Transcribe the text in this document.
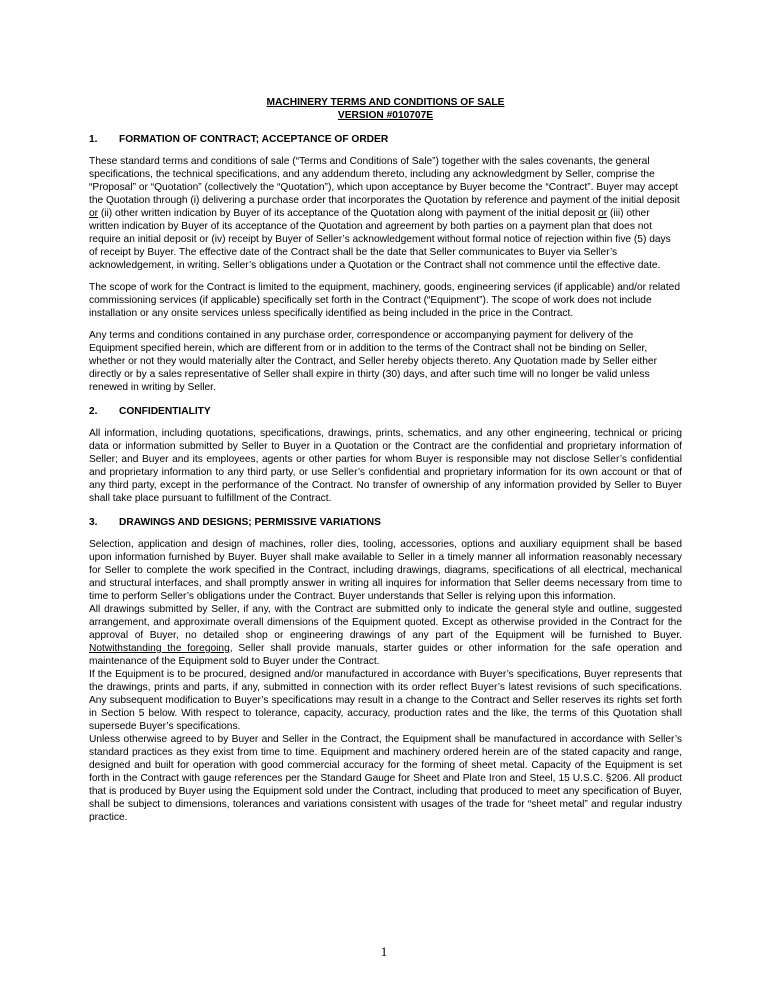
MACHINERY TERMS AND CONDITIONS OF SALE
VERSION #010707E
1.	FORMATION OF CONTRACT; ACCEPTANCE OF ORDER

These standard terms and conditions of sale (“Terms and Conditions of Sale”) together with the sales covenants, the general specifications, the technical specifications, and any addendum thereto, including any acknowledgment by Seller, comprise the “Proposal” or “Quotation” (collectively the “Quotation”), which upon acceptance by Buyer become the “Contract”. Buyer may accept the Quotation through (i) delivering a purchase order that incorporates the Quotation by reference and payment of the initial deposit or (ii) other written indication by Buyer of its acceptance of the Quotation along with payment of the initial deposit or (iii) other written indication by Buyer of its acceptance of the Quotation and agreement by both parties on a payment plan that does not require an initial deposit or (iv) receipt by Buyer of Seller’s acknowledgement without formal notice of rejection within five (5) days of receipt by Buyer. The effective date of the Contract shall be the date that Seller communicates to Buyer via Seller’s acknowledgement, in writing. Seller’s obligations under a Quotation or the Contract shall not commence until the effective date.

The scope of work for the Contract is limited to the equipment, machinery, goods, engineering services (if applicable) and/or related commissioning services (if applicable) specifically set forth in the Contract (“Equipment”). The scope of work does not include installation or any onsite services unless specifically identified as being included in the price in the Contract.

Any terms and conditions contained in any purchase order, correspondence or accompanying payment for delivery of the Equipment specified herein, which are different from or in addition to the terms of the Contract shall not be binding on Seller, whether or not they would materially alter the Contract, and Seller hereby objects thereto. Any Quotation made by Seller either directly or by a sales representative of Seller shall expire in thirty (30) days, and after such time will no longer be valid unless renewed in writing by Seller.

2.	CONFIDENTIALITY

All information, including quotations, specifications, drawings, prints, schematics, and any other engineering, technical or pricing data or information submitted by Seller to Buyer in a Quotation or the Contract are the confidential and proprietary information of Seller; and Buyer and its employees, agents or other parties for whom Buyer is responsible may not disclose Seller’s confidential and proprietary information to any third party, or use Seller’s confidential and proprietary information for its own account or that of any third party, except in the performance of the Contract. No transfer of ownership of any information provided by Seller to Buyer shall take place pursuant to fulfillment of the Contract.

3.	DRAWINGS AND DESIGNS; PERMISSIVE VARIATIONS

Selection, application and design of machines, roller dies, tooling, accessories, options and auxiliary equipment shall be based upon information furnished by Buyer. Buyer shall make available to Seller in a timely manner all information reasonably necessary for Seller to complete the work specified in the Contract, including drawings, diagrams, specifications of all electrical, mechanical and structural interfaces, and shall promptly answer in writing all inquires for information that Seller deems necessary from time to time to perform Seller’s obligations under the Contract. Buyer understands that Seller is relying upon this information.

All drawings submitted by Seller, if any, with the Contract are submitted only to indicate the general style and outline, suggested arrangement, and approximate overall dimensions of the Equipment quoted. Except as otherwise provided in the Contract for the approval of Buyer, no detailed shop or engineering drawings of any part of the Equipment will be furnished to Buyer. Notwithstanding the foregoing, Seller shall provide manuals, starter guides or other information for the safe operation and maintenance of the Equipment sold to Buyer under the Contract.

If the Equipment is to be procured, designed and/or manufactured in accordance with Buyer’s specifications, Buyer represents that the drawings, prints and parts, if any, submitted in connection with its order reflect Buyer’s latest revisions of such specifications. Any subsequent modification to Buyer’s specifications may result in a change to the Contract and Seller reserves its rights set forth in Section 5 below. With respect to tolerance, capacity, accuracy, production rates and the like, the terms of this Quotation shall supersede Buyer’s specifications.

Unless otherwise agreed to by Buyer and Seller in the Contract, the Equipment shall be manufactured in accordance with Seller’s standard practices as they exist from time to time. Equipment and machinery ordered herein are of the stated capacity and range, designed and built for operation with good commercial accuracy for the forming of sheet metal. Capacity of the Equipment is set forth in the Contract with gauge references per the Standard Gauge for Sheet and Plate Iron and Steel, 15 U.S.C. §206. All product that is produced by Buyer using the Equipment sold under the Contract, including that produced to meet any specification of Buyer, shall be subject to dimensions, tolerances and variations consistent with usages of the trade for “sheet metal” and regular industry practice.

1
